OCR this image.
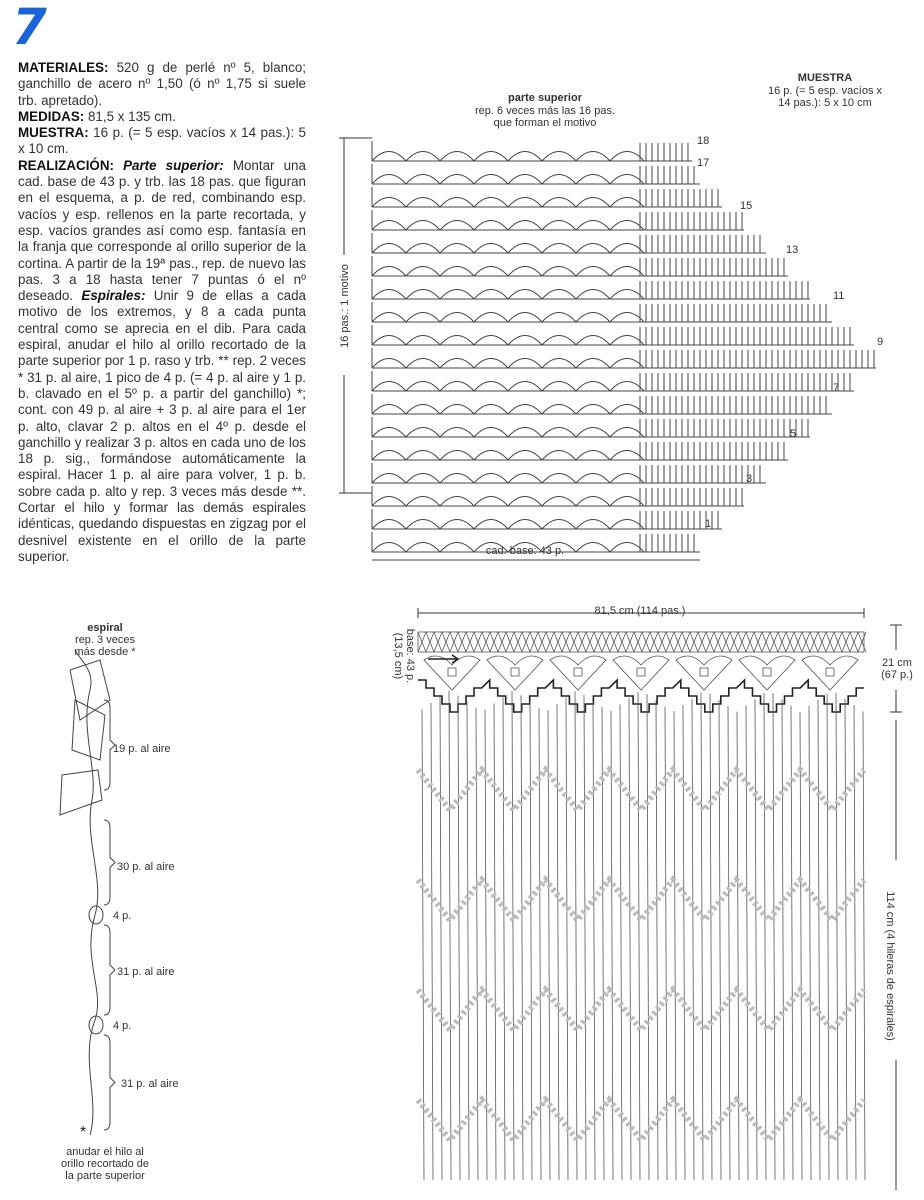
7
MATERIALES: 520 g de perlé nº 5, blanco; ganchillo de acero nº 1,50 (ó nº 1,75 si suele trb. apretado).
MEDIDAS: 81,5 x 135 cm.
MUESTRA: 16 p. (= 5 esp. vacíos x 14 pas.): 5 x 10 cm.
REALIZACIÓN: Parte superior: Montar una cad. base de 43 p. y trb. las 18 pas. que figuran en el esquema, a p. de red, combinando esp. vacíos y esp. rellenos en la parte recortada, y esp. vacíos grandes así como esp. fantasía en la franja que corresponde al orillo superior de la cortina. A partir de la 19ª pas., rep. de nuevo las pas. 3 a 18 hasta tener 7 puntas ó el nº deseado. Espirales: Unir 9 de ellas a cada motivo de los extremos, y 8 a cada punta central como se aprecia en el dib. Para cada espiral, anudar el hilo al orillo recortado de la parte superior por 1 p. raso y trb. ** rep. 2 veces * 31 p. al aire, 1 pico de 4 p. (= 4 p. al aire y 1 p. b. clavado en el 5º p. a partir del ganchillo) *; cont. con 49 p. al aire + 3 p. al aire para el 1er p. alto, clavar 2 p. altos en el 4º p. desde el ganchillo y realizar 3 p. altos en cada uno de los 18 p. sig., formándose automáticamente la espiral. Hacer 1 p. al aire para volver, 1 p. b. sobre cada p. alto y rep. 3 veces más desde **. Cortar el hilo y formar las demás espirales idénticas, quedando dispuestas en zigzag por el desnivel existente en el orillo de la parte superior.
MUESTRA
16 p. (= 5 esp. vacíos x
14 pas.): 5 x 10 cm
parte superior
rep. 6 veces más las 16 pas.
que forman el motivo
16 pas.: 1 motivo
cad. base: 43 p.
1
3
5
7
9
11
13
15
17
18
espiral
rep. 3 veces
más desde *
19 p. al aire
30 p. al aire
4 p.
31 p. al aire
4 p.
31 p. al aire
*
anudar el hilo al
orillo recortado de
la parte superior
81,5 cm (114 pas.)
base: 43 p.
(13,5 cm)	21 cm
(67 p.)
114 cm (4 hileras de espirales)
